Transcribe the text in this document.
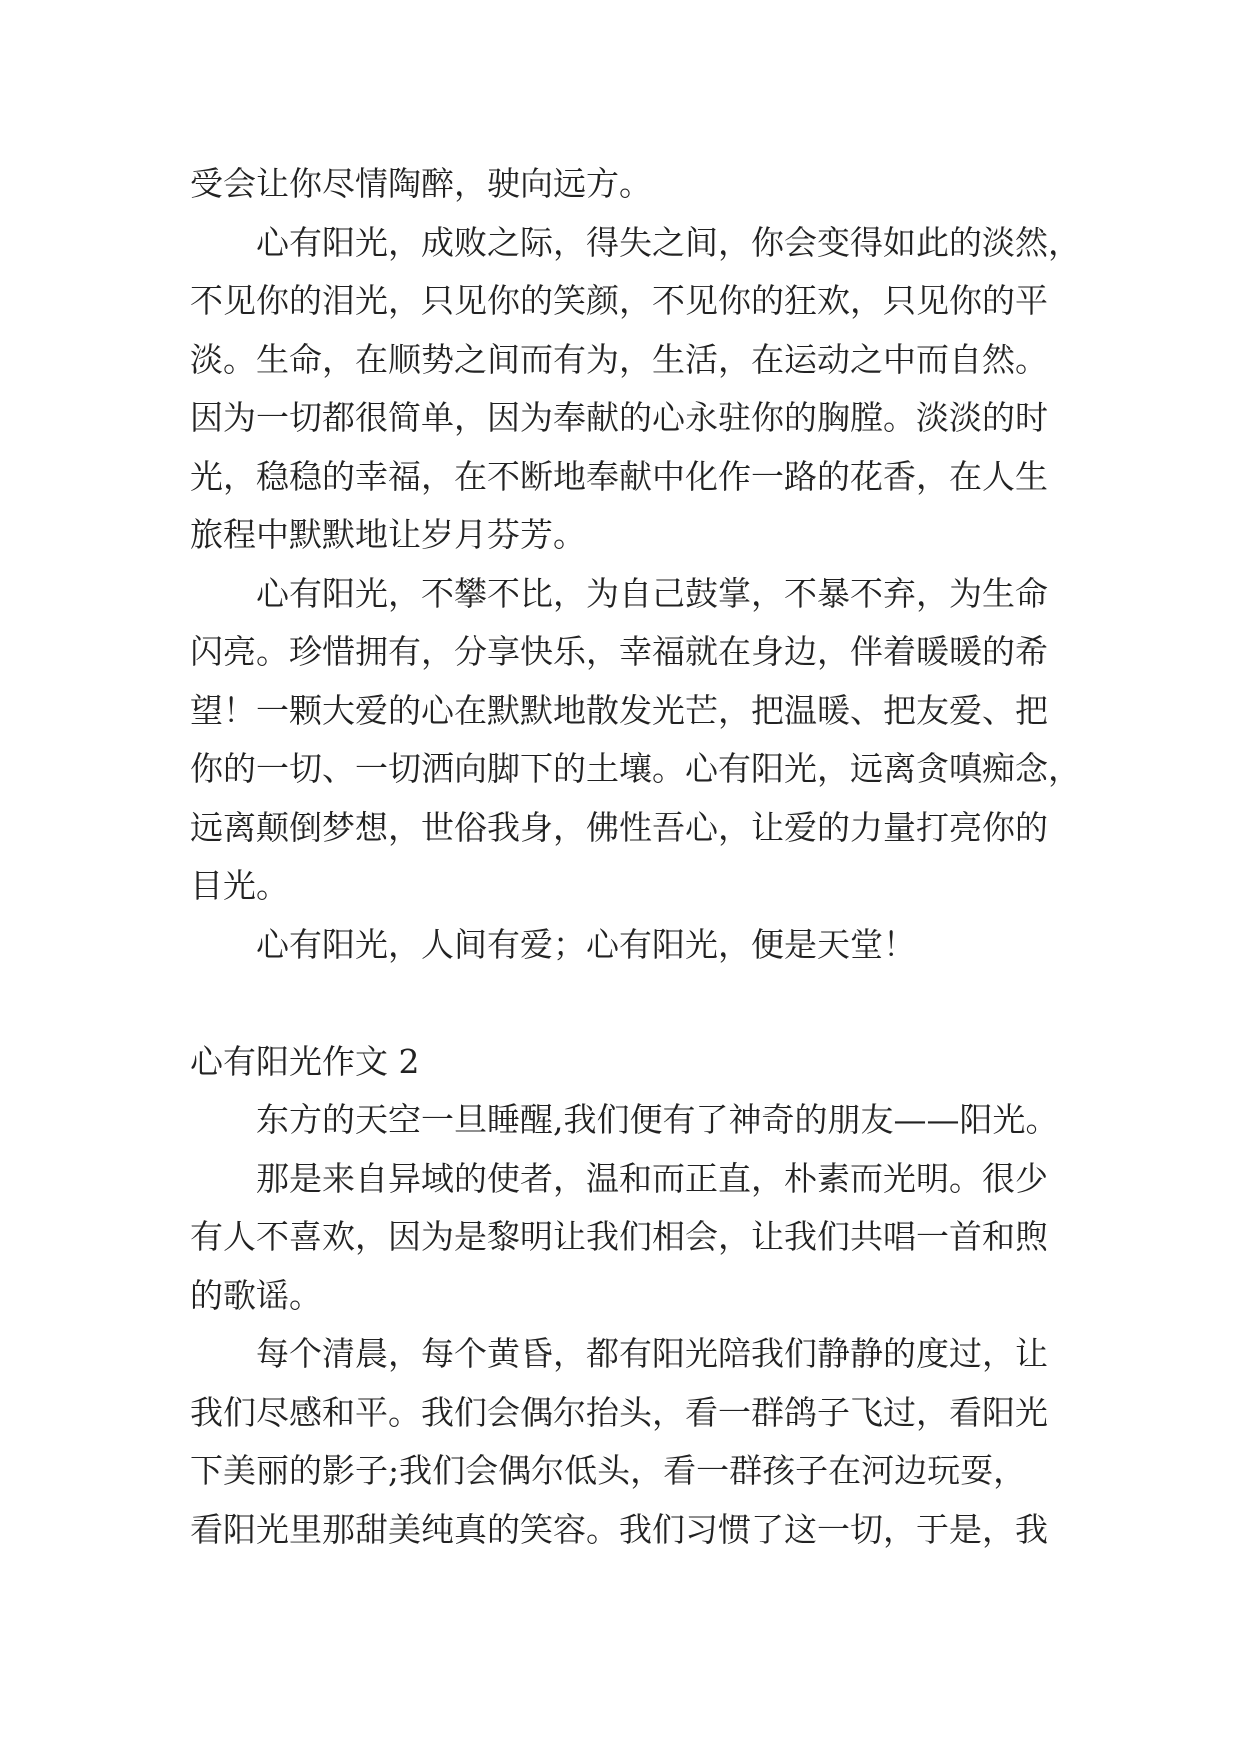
受会让你尽情陶醉，驶向远方。
心有阳光，成败之际，得失之间，你会变得如此的淡然，
不见你的泪光，只见你的笑颜，不见你的狂欢，只见你的平
淡。生命，在顺势之间而有为，生活，在运动之中而自然。
因为一切都很简单，因为奉献的心永驻你的胸膛。淡淡的时
光，稳稳的幸福，在不断地奉献中化作一路的花香，在人生
旅程中默默地让岁月芬芳。
心有阳光，不攀不比，为自己鼓掌，不暴不弃，为生命
闪亮。珍惜拥有，分享快乐，幸福就在身边，伴着暖暖的希
望！一颗大爱的心在默默地散发光芒，把温暖、把友爱、把
你的一切、一切洒向脚下的土壤。心有阳光，远离贪嗔痴念，
远离颠倒梦想，世俗我身，佛性吾心，让爱的力量打亮你的
目光。
心有阳光，人间有爱；心有阳光，便是天堂！
心有阳光作文 2
东方的天空一旦睡醒,我们便有了神奇的朋友——阳光。
那是来自异域的使者，温和而正直，朴素而光明。很少
有人不喜欢，因为是黎明让我们相会，让我们共唱一首和煦
的歌谣。
每个清晨，每个黄昏，都有阳光陪我们静静的度过，让
我们尽感和平。我们会偶尔抬头，看一群鸽子飞过，看阳光
下美丽的影子;我们会偶尔低头，看一群孩子在河边玩耍，
看阳光里那甜美纯真的笑容。我们习惯了这一切，于是，我
